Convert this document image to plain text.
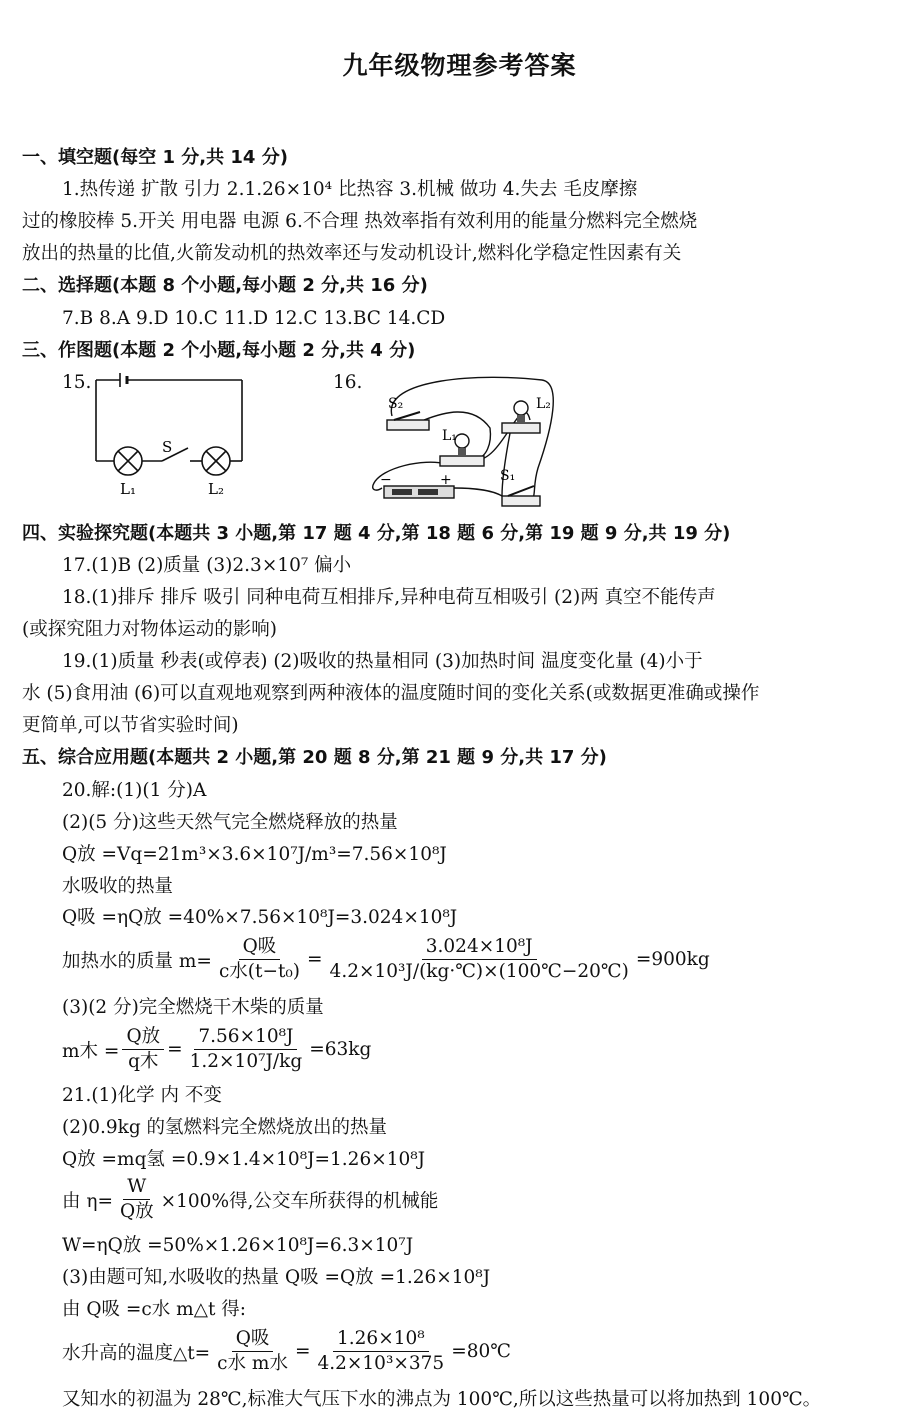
九年级物理参考答案
一、填空题(每空 1 分,共 14 分)
1.热传递 扩散 引力 2.1.26×10⁴ 比热容 3.机械 做功 4.失去 毛皮摩擦
过的橡胶棒 5.开关 用电器 电源 6.不合理 热效率指有效利用的能量分燃料完全燃烧
放出的热量的比值,火箭发动机的热效率还与发动机设计,燃料化学稳定性因素有关
二、选择题(本题 8 个小题,每小题 2 分,共 16 分)
7.B 8.A 9.D 10.C 11.D 12.C 13.BC 14.CD
三、作图题(本题 2 个小题,每小题 2 分,共 4 分)
15.	16.
S
L₁	L₂
S₂	L₂
L₁
S₁
−	+
四、实验探究题(本题共 3 小题,第 17 题 4 分,第 18 题 6 分,第 19 题 9 分,共 19 分)
17.(1)B (2)质量 (3)2.3×10⁷ 偏小
18.(1)排斥 排斥 吸引 同种电荷互相排斥,异种电荷互相吸引 (2)两 真空不能传声
(或探究阻力对物体运动的影响)
19.(1)质量 秒表(或停表) (2)吸收的热量相同 (3)加热时间 温度变化量 (4)小于
水 (5)食用油 (6)可以直观地观察到两种液体的温度随时间的变化关系(或数据更准确或操作
更简单,可以节省实验时间)
五、综合应用题(本题共 2 小题,第 20 题 8 分,第 21 题 9 分,共 17 分)
20.解:(1)(1 分)A
(2)(5 分)这些天然气完全燃烧释放的热量
Q放 =Vq=21m³×3.6×10⁷J/m³=7.56×10⁸J
水吸收的热量
Q吸 =ηQ放 =40%×7.56×10⁸J=3.024×10⁸J
加热水的质量 $m= \frac{\text{Q吸}}{\text{c水(t−t₀)}} = \frac{\text{3.024×10⁸J}}{\text{4.2×10³J/(kg·℃)×(100℃−20℃)}} =900kg$
(3)(2 分)完全燃烧干木柴的质量
m木 = $\frac{\text{Q放}}{\text{q木}} = \frac{\text{7.56×10⁸J}}{\text{1.2×10⁷J/kg}} =63kg$
21.(1)化学 内 不变
(2)0.9kg 的氢燃料完全燃烧放出的热量
Q放 =mq氢 =0.9×1.4×10⁸J=1.26×10⁸J
由 $\eta= \frac{W}{\text{Q放}} \times 100\%$得,公交车所获得的机械能
W=ηQ放 =50%×1.26×10⁸J=6.3×10⁷J
(3)由题可知,水吸收的热量 Q吸 =Q放 =1.26×10⁸J
由 Q吸 =c水 m△t 得:
水升高的温度△t= $\frac{\text{Q吸}}{\text{c水 m水}} = \frac{\text{1.26×10⁸}}{\text{4.2×10³×375}}$ =80℃
又知水的初温为 28℃,标准大气压下水的沸点为 100℃,所以这些热量可以将加热到 100℃。
